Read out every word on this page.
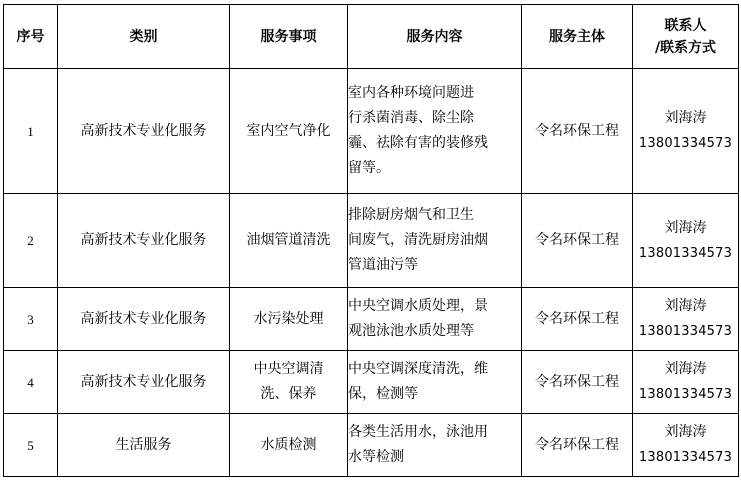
序号	类别	服务事项	服务内容	服务主体	联系人
/联系方式

1	高新技术专业化服务	室内空气净化	室内各种环境问题进
行杀菌消毒、除尘除
霾、祛除有害的装修残
留等。	令名环保工程	刘海涛
13801334573

2	高新技术专业化服务	油烟管道清洗	排除厨房烟气和卫生
间废气，清洗厨房油烟
管道油污等	令名环保工程	刘海涛
13801334573

3	高新技术专业化服务	水污染处理	中央空调水质处理，景
观池泳池水质处理等	令名环保工程	刘海涛
13801334573

4	高新技术专业化服务	中央空调清
洗、保养	中央空调深度清洗，维
保，检测等	令名环保工程	刘海涛
13801334573

5	生活服务	水质检测	各类生活用水，泳池用
水等检测	令名环保工程	刘海涛
13801334573
